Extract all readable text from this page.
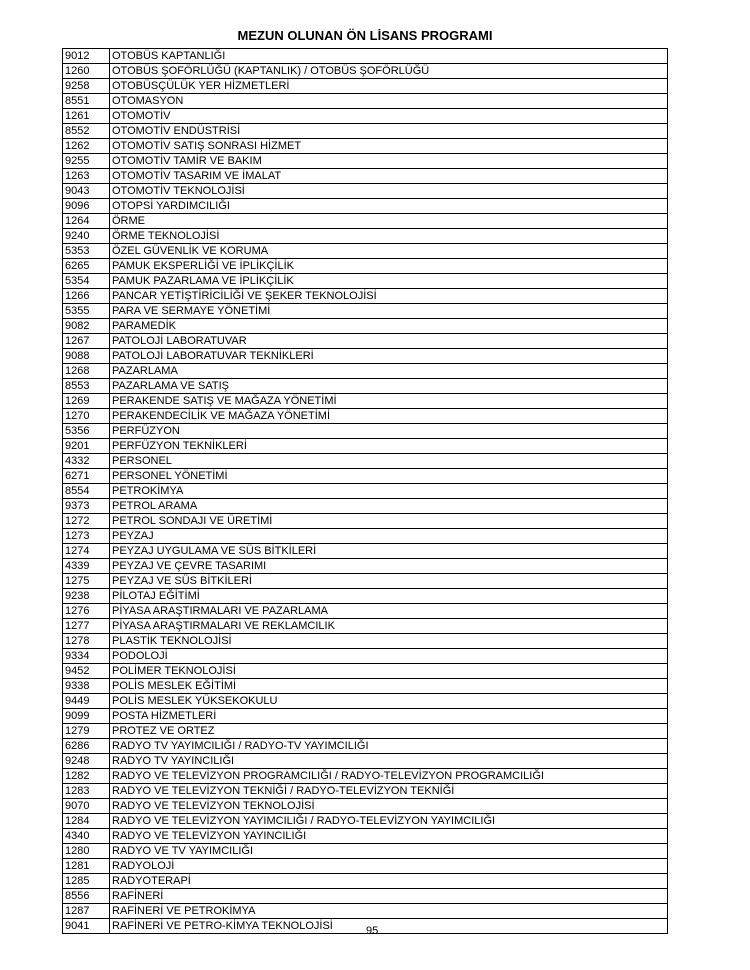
MEZUN OLUNAN ÖN LİSANS PROGRAMI
9012	OTOBÜS KAPTANLIĞI
1260	OTOBÜS ŞOFÖRLÜĞÜ (KAPTANLIK) / OTOBÜS ŞOFÖRLÜĞÜ
9258	OTOBÜSÇÜLÜK YER HİZMETLERİ
8551	OTOMASYON
1261	OTOMOTİV
8552	OTOMOTİV ENDÜSTRİSİ
1262	OTOMOTİV SATIŞ SONRASI HİZMET
9255	OTOMOTİV TAMİR VE BAKIM
1263	OTOMOTİV TASARIM VE İMALAT
9043	OTOMOTİV TEKNOLOJİSİ
9096	OTOPSİ YARDIMCILIĞI
1264	ÖRME
9240	ÖRME TEKNOLOJİSİ
5353	ÖZEL GÜVENLİK VE KORUMA
6265	PAMUK EKSPERLİĞİ VE İPLİKÇİLİK
5354	PAMUK PAZARLAMA VE İPLİKÇİLİK
1266	PANCAR YETİŞTİRİCİLİĞİ VE ŞEKER TEKNOLOJİSİ
5355	PARA VE SERMAYE YÖNETİMİ
9082	PARAMEDİK
1267	PATOLOJİ LABORATUVAR
9088	PATOLOJİ LABORATUVAR TEKNİKLERİ
1268	PAZARLAMA
8553	PAZARLAMA VE SATIŞ
1269	PERAKENDE SATIŞ VE MAĞAZA YÖNETİMİ
1270	PERAKENDECİLİK VE MAĞAZA YÖNETİMİ
5356	PERFÜZYON
9201	PERFÜZYON TEKNİKLERİ
4332	PERSONEL
6271	PERSONEL YÖNETİMİ
8554	PETROKİMYA
9373	PETROL ARAMA
1272	PETROL SONDAJI VE ÜRETİMİ
1273	PEYZAJ
1274	PEYZAJ UYGULAMA VE SÜS BİTKİLERİ
4339	PEYZAJ VE ÇEVRE TASARIMI
1275	PEYZAJ VE SÜS BİTKİLERİ
9238	PİLOTAJ EĞİTİMİ
1276	PİYASA ARAŞTIRMALARI VE PAZARLAMA
1277	PİYASA ARAŞTIRMALARI VE REKLAMCILIK
1278	PLASTİK TEKNOLOJİSİ
9334	PODOLOJİ
9452	POLİMER TEKNOLOJİSİ
9338	POLİS MESLEK EĞİTİMİ
9449	POLİS MESLEK YÜKSEKOKULU
9099	POSTA HİZMETLERİ
1279	PROTEZ VE ORTEZ
6286	RADYO TV YAYIMCILIĞI / RADYO-TV YAYIMCILIĞI
9248	RADYO TV YAYINCILIĞI
1282	RADYO VE TELEVİZYON PROGRAMCILIĞI / RADYO-TELEVİZYON PROGRAMCILIĞI
1283	RADYO VE TELEVİZYON TEKNİĞİ / RADYO-TELEVİZYON TEKNİĞİ
9070	RADYO VE TELEVİZYON TEKNOLOJİSİ
1284	RADYO VE TELEVİZYON YAYIMCILIĞI / RADYO-TELEVİZYON YAYIMCILIĞI
4340	RADYO VE TELEVİZYON YAYINCILIĞI
1280	RADYO VE TV YAYIMCILIĞI
1281	RADYOLOJİ
1285	RADYOTERAPİ
8556	RAFİNERİ
1287	RAFİNERİ VE PETROKİMYA
9041	RAFİNERİ VE PETRO-KİMYA TEKNOLOJİSİ	95
